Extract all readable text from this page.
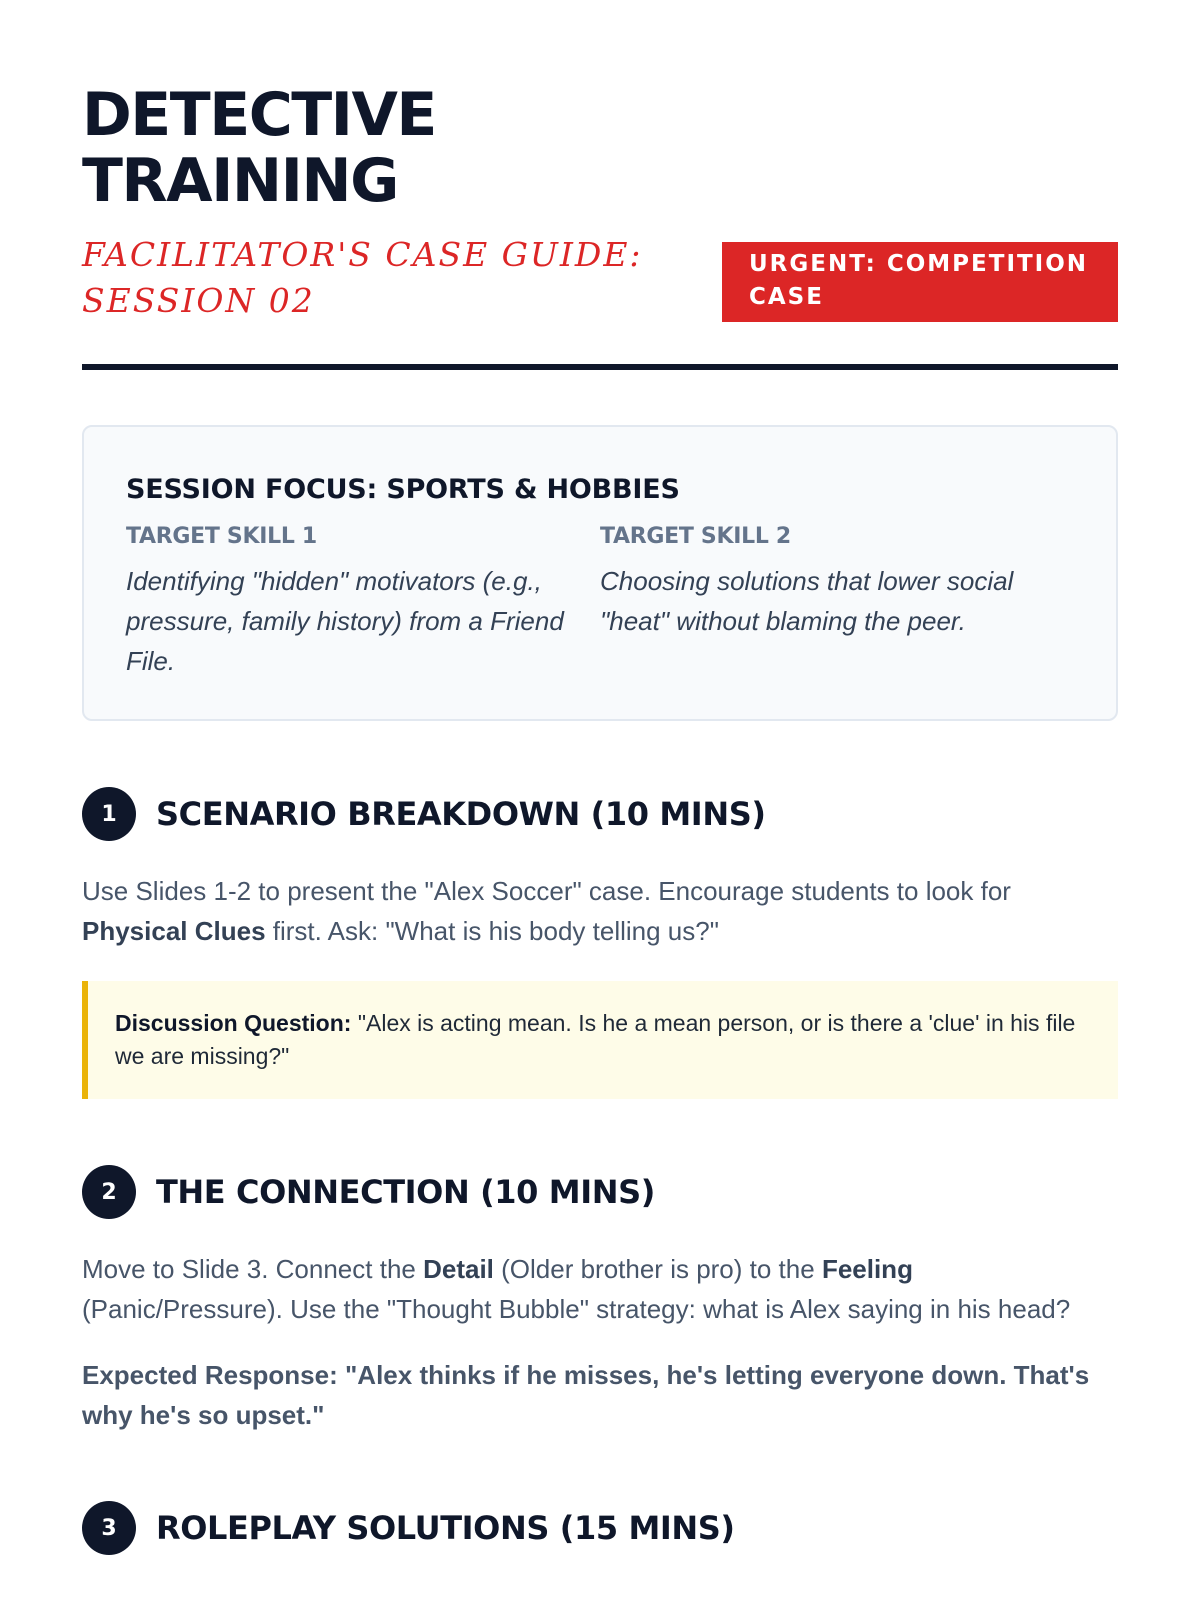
DETECTIVE
TRAINING
FACILITATOR'S CASE GUIDE:
SESSION 02
URGENT: COMPETITION
CASE
SESSION FOCUS: SPORTS & HOBBIES
TARGET SKILL 1
Identifying "hidden" motivators (e.g., pressure, family history) from a Friend File.
TARGET SKILL 2
Choosing solutions that lower social "heat" without blaming the peer.
1	SCENARIO BREAKDOWN (10 MINS)

Use Slides 1-2 to present the "Alex Soccer" case. Encourage students to look for Physical Clues first. Ask: "What is his body telling us?"

Discussion Question: "Alex is acting mean. Is he a mean person, or is there a 'clue' in his file we are missing?"
2	THE CONNECTION (10 MINS)

Move to Slide 3. Connect the Detail (Older brother is pro) to the Feeling (Panic/Pressure). Use the "Thought Bubble" strategy: what is Alex saying in his head?

Expected Response: "Alex thinks if he misses, he's letting everyone down. That's why he's so upset."

3	ROLEPLAY SOLUTIONS (15 MINS)
